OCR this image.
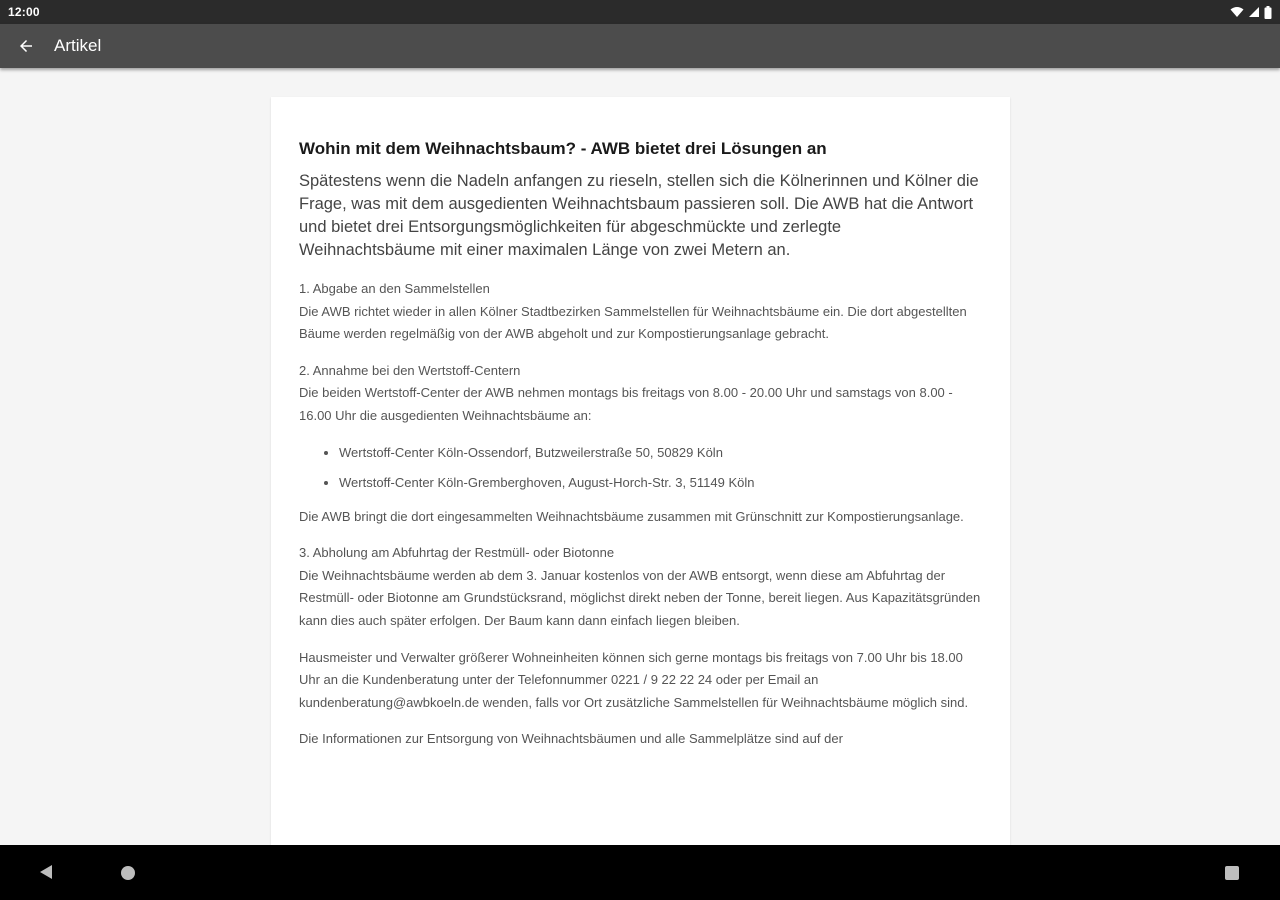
12:00
Artikel
Wohin mit dem Weihnachtsbaum? - AWB bietet drei Lösungen an

Spätestens wenn die Nadeln anfangen zu rieseln, stellen sich die Kölnerinnen und Kölner die Frage, was mit dem ausgedienten Weihnachtsbaum passieren soll. Die AWB hat die Antwort und bietet drei Entsorgungsmöglichkeiten für abgeschmückte und zerlegte Weihnachtsbäume mit einer maximalen Länge von zwei Metern an.

1. Abgabe an den Sammelstellen
Die AWB richtet wieder in allen Kölner Stadtbezirken Sammelstellen für Weihnachtsbäume ein. Die dort abgestellten Bäume werden regelmäßig von der AWB abgeholt und zur Kompostierungsanlage gebracht.

2. Annahme bei den Wertstoff-Centern
Die beiden Wertstoff-Center der AWB nehmen montags bis freitags von 8.00 - 20.00 Uhr und samstags von 8.00 - 16.00 Uhr die ausgedienten Weihnachtsbäume an:

• Wertstoff-Center Köln-Ossendorf, Butzweilerstraße 50, 50829 Köln
• Wertstoff-Center Köln-Gremberghoven, August-Horch-Str. 3, 51149 Köln

Die AWB bringt die dort eingesammelten Weihnachtsbäume zusammen mit Grünschnitt zur Kompostierungsanlage.

3. Abholung am Abfuhrtag der Restmüll- oder Biotonne
Die Weihnachtsbäume werden ab dem 3. Januar kostenlos von der AWB entsorgt, wenn diese am Abfuhrtag der Restmüll- oder Biotonne am Grundstücksrand, möglichst direkt neben der Tonne, bereit liegen. Aus Kapazitätsgründen kann dies auch später erfolgen. Der Baum kann dann einfach liegen bleiben.

Hausmeister und Verwalter größerer Wohneinheiten können sich gerne montags bis freitags von 7.00 Uhr bis 18.00 Uhr an die Kundenberatung unter der Telefonnummer 0221 / 9 22 22 24 oder per Email an kundenberatung@awbkoeln.de wenden, falls vor Ort zusätzliche Sammelstellen für Weihnachtsbäume möglich sind.

Die Informationen zur Entsorgung von Weihnachtsbäumen und alle Sammelplätze sind auf der
